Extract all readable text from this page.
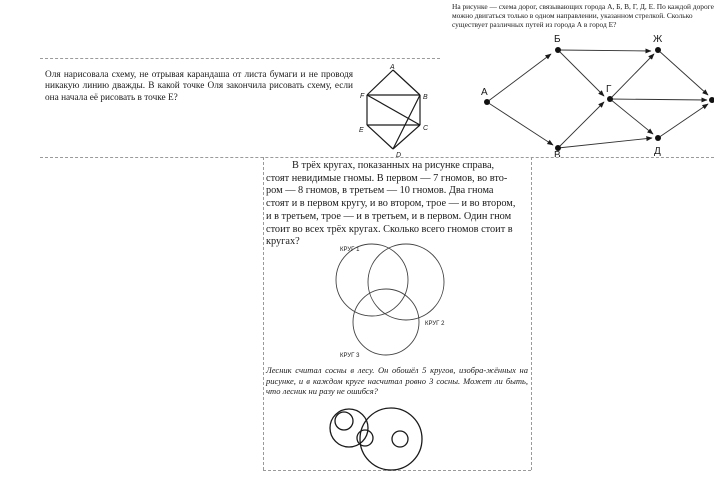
Оля нарисовала схему, не отрывая карандаша от листа бумаги и не проводя никакую линию дважды. В какой точке Оля закончила рисовать схему, если она начала её рисовать в точке Е?
A
B
C
D
E
F
На рисунке — схема дорог, связывающих города А, Б, В, Г, Д, Е. По каждой дороге можно двигаться только в одном направлении, указанном стрелкой. Сколько существует различных путей из города А в город Е?
А
Б
В
Г
Ж
Д
В трёх кругах, показанных на рисунке справа,
стоят невидимые гномы. В первом — 7 гномов, во вто-
ром — 8 гномов, в третьем — 10 гномов. Два гнома
стоят и в первом кругу, и во втором, трое — и во втором,
и в третьем, трое — и в третьем, и в первом. Один гном
стоит во всех трёх кругах. Сколько всего гномов стоит в
кругах?
КРУГ 1
КРУГ 2
КРУГ 3
Лесник считал сосны в лесу. Он обошёл 5 кругов, изобра-жённых на рисунке, и в каждом круге насчитал ровно 3 сосны. Может ли быть, что лесник ни разу не ошибся?
